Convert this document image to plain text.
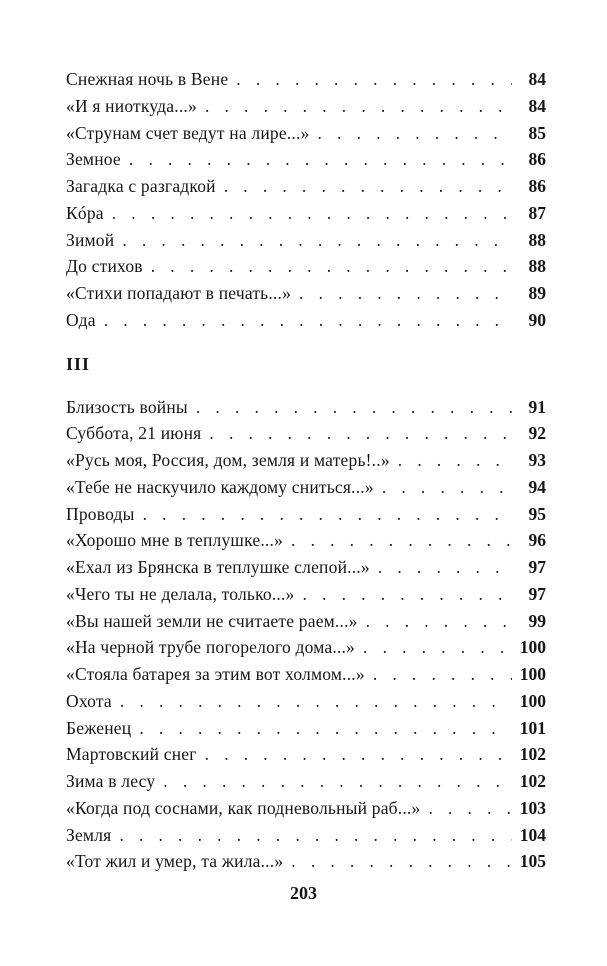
Снежная ночь в Вене . . .	84
«И я ниоткуда...» . . .	84
«Струнам счет ведут на лире...» . . .	85
Земное . . .	86
Загадка с разгадкой . . .	86
Кóра . . .	87
Зимой . . .	88
До стихов . . .	88
«Стихи попадают в печать...» . . .	89
Ода . . .	90
III
Близость войны . . .	91
Суббота, 21 июня . . .	92
«Русь моя, Россия, дом, земля и матерь!..» . . .	93
«Тебе не наскучило каждому сниться...» . . .	94
Проводы . . .	95
«Хорошо мне в теплушке...» . . .	96
«Ехал из Брянска в теплушке слепой...» . . .	97
«Чего ты не делала, только...» . . .	97
«Вы нашей земли не считаете раем...» . . .	99
«На черной трубе погорелого дома...» . . .	100
«Стояла батарея за этим вот холмом...» . . .	100
Охота . . .	100
Беженец . . .	101
Мартовский снег . . .	102
Зима в лесу . . .	102
«Когда под соснами, как подневольный раб...» . . .	103
Земля . . .	104
«Тот жил и умер, та жила...» . . .	105
203
